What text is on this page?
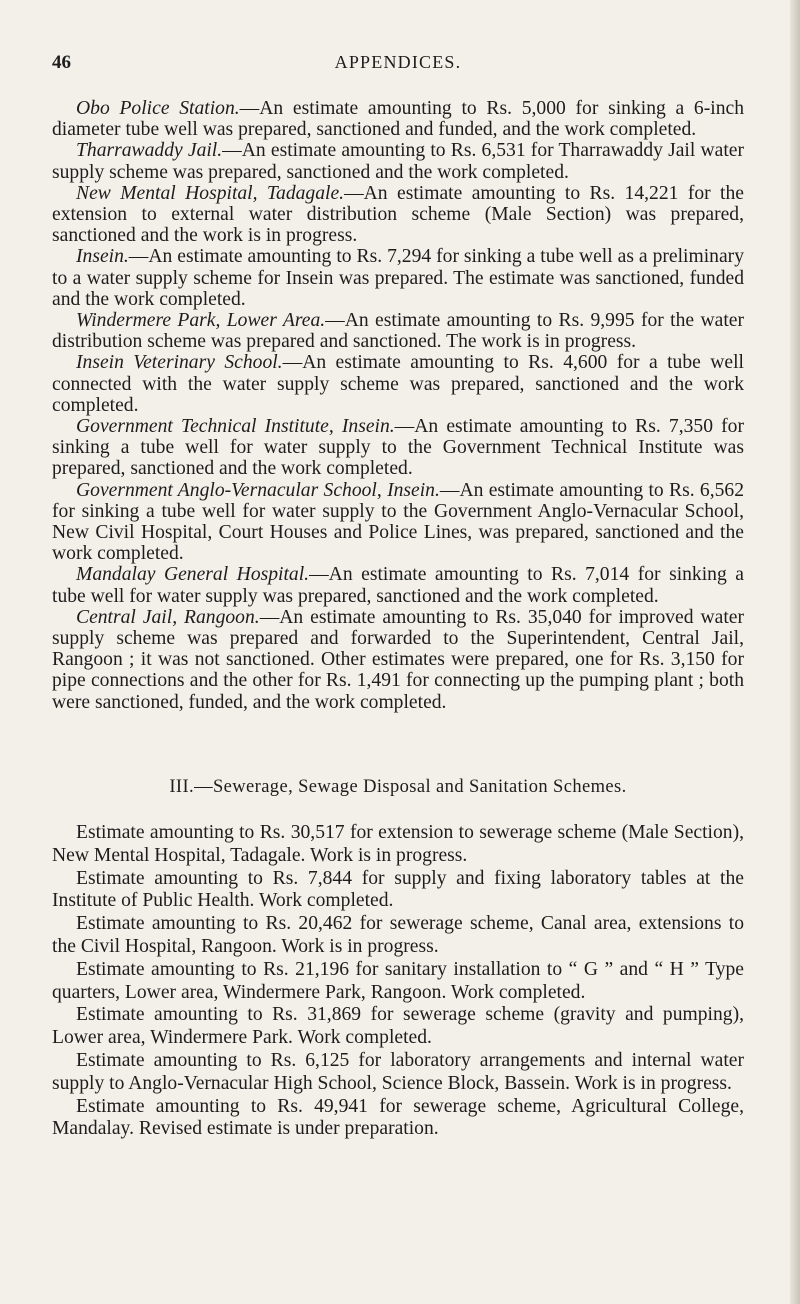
46	APPENDICES.

Obo Police Station.—An estimate amounting to Rs. 5,000 for sinking a 6-inch diameter tube well was prepared, sanctioned and funded, and the work completed.

Tharrawaddy Jail.—An estimate amounting to Rs. 6,531 for Tharrawaddy Jail water supply scheme was prepared, sanctioned and the work completed.

New Mental Hospital, Tadagale.—An estimate amounting to Rs. 14,221 for the extension to external water distribution scheme (Male Section) was prepared, sanctioned and the work is in progress.

Insein.—An estimate amounting to Rs. 7,294 for sinking a tube well as a preliminary to a water supply scheme for Insein was prepared. The estimate was sanctioned, funded and the work completed.

Windermere Park, Lower Area.—An estimate amounting to Rs. 9,995 for the water distribution scheme was prepared and sanctioned. The work is in progress.

Insein Veterinary School.—An estimate amounting to Rs. 4,600 for a tube well connected with the water supply scheme was prepared, sanctioned and the work completed.

Government Technical Institute, Insein.—An estimate amounting to Rs. 7,350 for sinking a tube well for water supply to the Government Technical Institute was prepared, sanctioned and the work completed.

Government Anglo-Vernacular School, Insein.—An estimate amounting to Rs. 6,562 for sinking a tube well for water supply to the Government Anglo-Vernacular School, New Civil Hospital, Court Houses and Police Lines, was prepared, sanctioned and the work completed.

Mandalay General Hospital.—An estimate amounting to Rs. 7,014 for sinking a tube well for water supply was prepared, sanctioned and the work completed.

Central Jail, Rangoon.—An estimate amounting to Rs. 35,040 for improved water supply scheme was prepared and forwarded to the Superintendent, Central Jail, Rangoon ; it was not sanctioned. Other estimates were prepared, one for Rs. 3,150 for pipe connections and the other for Rs. 1,491 for connecting up the pumping plant ; both were sanctioned, funded, and the work completed.

III.—Sewerage, Sewage Disposal and Sanitation Schemes.

Estimate amounting to Rs. 30,517 for extension to sewerage scheme (Male Section), New Mental Hospital, Tadagale. Work is in progress.

Estimate amounting to Rs. 7,844 for supply and fixing laboratory tables at the Institute of Public Health. Work completed.

Estimate amounting to Rs. 20,462 for sewerage scheme, Canal area, extensions to the Civil Hospital, Rangoon. Work is in progress.

Estimate amounting to Rs. 21,196 for sanitary installation to “ G ” and “ H ” Type quarters, Lower area, Windermere Park, Rangoon. Work completed.

Estimate amounting to Rs. 31,869 for sewerage scheme (gravity and pumping), Lower area, Windermere Park. Work completed.

Estimate amounting to Rs. 6,125 for laboratory arrangements and internal water supply to Anglo-Vernacular High School, Science Block, Bassein. Work is in progress.

Estimate amounting to Rs. 49,941 for sewerage scheme, Agricultural College, Mandalay. Revised estimate is under preparation.
